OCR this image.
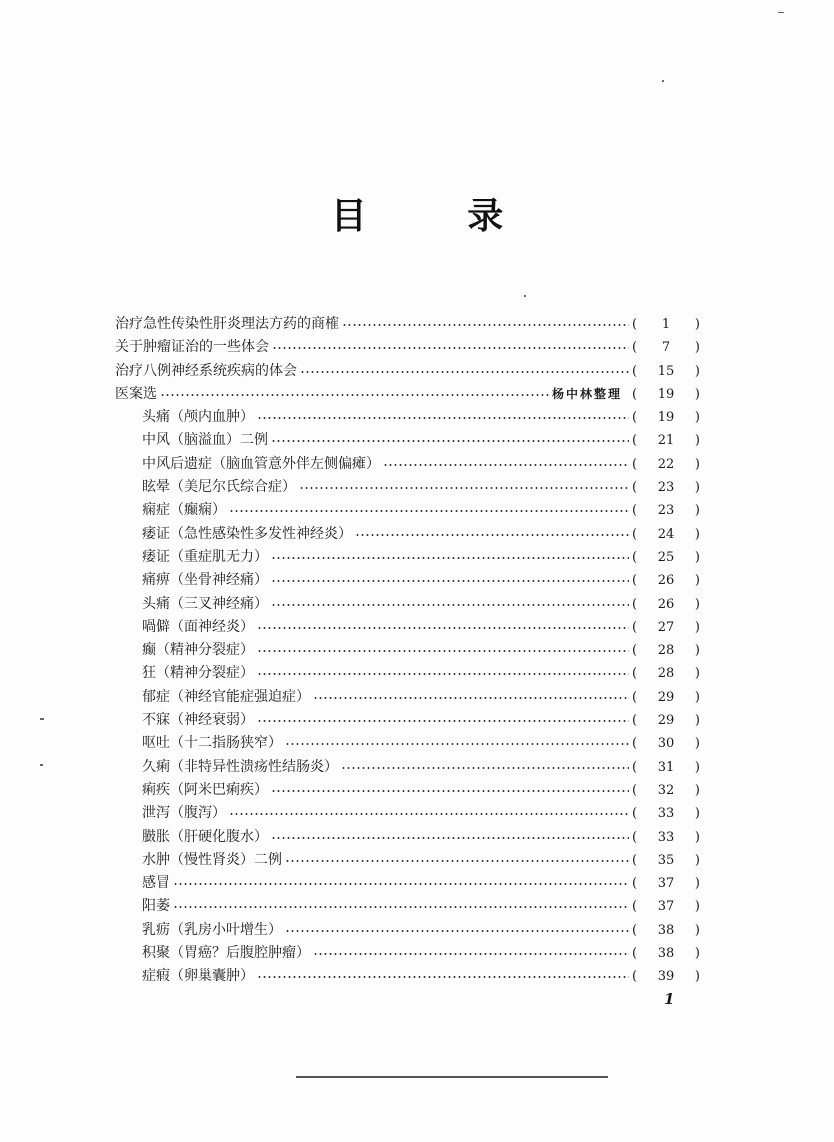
目 录
治疗急性传染性肝炎理法方药的商榷	(	1	)
关于肿瘤证治的一些体会	(	7	)
治疗八例神经系统疾病的体会	(	15	)
医案选	杨中林整理 (	19	)
头痛（颅内血肿）	(	19	)
中风（脑溢血）二例	(	21	)
中风后遗症（脑血管意外伴左侧偏瘫）	(	22	)
眩晕（美尼尔氏综合症）	(	23	)
痫症（癫痫）	(	23	)
痿证（急性感染性多发性神经炎）	(	24	)
痿证（重症肌无力）	(	25	)
痛痹（坐骨神经痛）	(	26	)
头痛（三叉神经痛）	(	26	)
喎僻（面神经炎）	(	27	)
癫（精神分裂症）	(	28	)
狂（精神分裂症）	(	28	)
郁症（神经官能症强迫症）	(	29	)
不寐（神经衰弱）	(	29	)
呕吐（十二指肠狭窄）	(	30	)
久痢（非特异性溃疡性结肠炎）	(	31	)
痢疾（阿米巴痢疾）	(	32	)
泄泻（腹泻）	(	33	)
臌胀（肝硬化腹水）	(	33	)
水肿（慢性肾炎）二例	(	35	)
感冒	(	37	)
阳萎	(	37	)
乳疬（乳房小叶增生）	(	38	)
积聚（胃癌？后腹腔肿瘤）	(	38	)
症瘕（卵巢囊肿）	(	39	)
1
